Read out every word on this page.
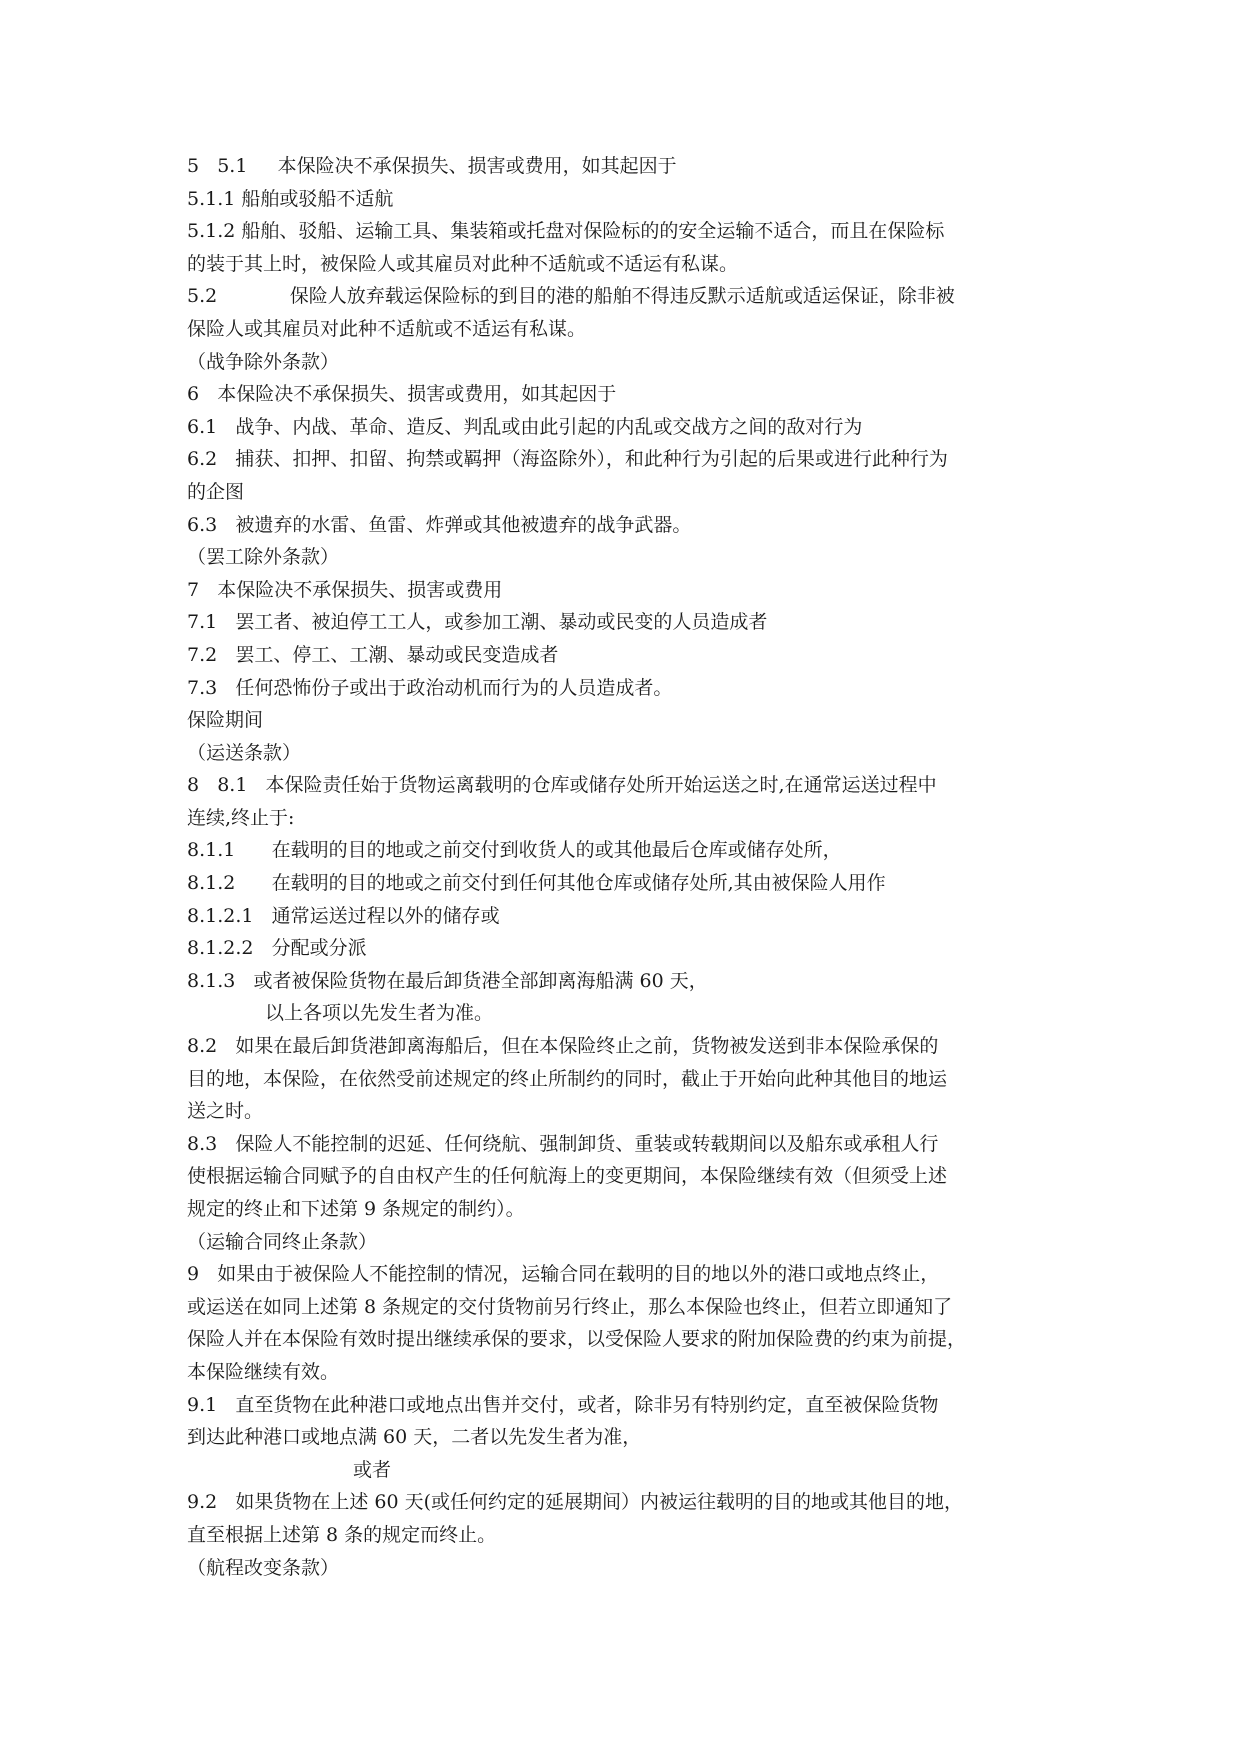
5   5.1     本保险决不承保损失、损害或费用，如其起因于
5.1.1 船舶或驳船不适航
5.1.2 船舶、驳船、运输工具、集装箱或托盘对保险标的的安全运输不适合，而且在保险标
的装于其上时，被保险人或其雇员对此种不适航或不适运有私谋。
5.2            保险人放弃载运保险标的到目的港的船舶不得违反默示适航或适运保证，除非被
保险人或其雇员对此种不适航或不适运有私谋。
（战争除外条款）
6   本保险决不承保损失、损害或费用，如其起因于
6.1   战争、内战、革命、造反、判乱或由此引起的内乱或交战方之间的敌对行为
6.2   捕获、扣押、扣留、拘禁或羁押（海盗除外），和此种行为引起的后果或进行此种行为
的企图
6.3   被遗弃的水雷、鱼雷、炸弹或其他被遗弃的战争武器。
（罢工除外条款）
7   本保险决不承保损失、损害或费用
7.1   罢工者、被迫停工工人，或参加工潮、暴动或民变的人员造成者
7.2   罢工、停工、工潮、暴动或民变造成者
7.3   任何恐怖份子或出于政治动机而行为的人员造成者。
保险期间
（运送条款）
8   8.1   本保险责任始于货物运离载明的仓库或储存处所开始运送之时,在通常运送过程中
连续,终止于:
8.1.1      在载明的目的地或之前交付到收货人的或其他最后仓库或储存处所，
8.1.2      在载明的目的地或之前交付到任何其他仓库或储存处所,其由被保险人用作
8.1.2.1   通常运送过程以外的储存或
8.1.2.2   分配或分派
8.1.3   或者被保险货物在最后卸货港全部卸离海船满 60 天，
以上各项以先发生者为准。
8.2   如果在最后卸货港卸离海船后，但在本保险终止之前，货物被发送到非本保险承保的
目的地，本保险，在依然受前述规定的终止所制约的同时，截止于开始向此种其他目的地运
送之时。
8.3   保险人不能控制的迟延、任何绕航、强制卸货、重装或转载期间以及船东或承租人行
使根据运输合同赋予的自由权产生的任何航海上的变更期间，本保险继续有效（但须受上述
规定的终止和下述第 9 条规定的制约）。
（运输合同终止条款）
9   如果由于被保险人不能控制的情况，运输合同在载明的目的地以外的港口或地点终止，
或运送在如同上述第 8 条规定的交付货物前另行终止，那么本保险也终止，但若立即通知了
保险人并在本保险有效时提出继续承保的要求，以受保险人要求的附加保险费的约束为前提，
本保险继续有效。
9.1   直至货物在此种港口或地点出售并交付，或者，除非另有特别约定，直至被保险货物
到达此种港口或地点满 60 天，二者以先发生者为准，
或者
9.2   如果货物在上述 60 天(或任何约定的延展期间）内被运往载明的目的地或其他目的地，
直至根据上述第 8 条的规定而终止。
（航程改变条款）
